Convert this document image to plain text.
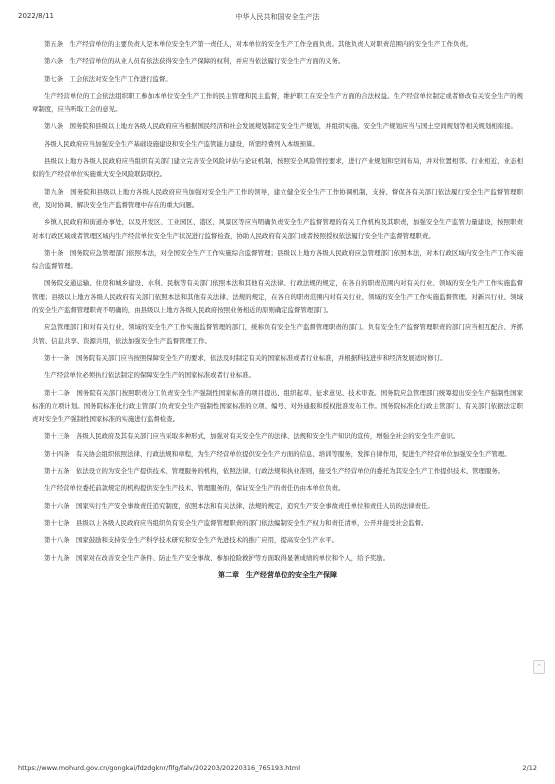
2022/8/11	中华人民共和国安全生产法

第五条　生产经营单位的主要负责人是本单位安全生产第一责任人，对本单位的安全生产工作全面负责。其他负责人对职责范围内的安全生产工作负责。

第六条　生产经营单位的从业人员有依法获得安全生产保障的权利，并应当依法履行安全生产方面的义务。

第七条　工会依法对安全生产工作进行监督。

生产经营单位的工会依法组织职工参加本单位安全生产工作的民主管理和民主监督，维护职工在安全生产方面的合法权益。生产经营单位制定或者修改有关安全生产的规章制度，应当听取工会的意见。

第八条　国务院和县级以上地方各级人民政府应当根据国民经济和社会发展规划制定安全生产规划，并组织实施。安全生产规划应当与国土空间规划等相关规划相衔接。

各级人民政府应当加强安全生产基础设施建设和安全生产监管能力建设，所需经费列入本级预算。

县级以上地方各级人民政府应当组织有关部门建立完善安全风险评估与论证机制，按照安全风险管控要求，进行产业规划和空间布局，并对位置相邻、行业相近、业态相似的生产经营单位实施重大安全风险联防联控。

第九条　国务院和县级以上地方各级人民政府应当加强对安全生产工作的领导，建立健全安全生产工作协调机制，支持、督促各有关部门依法履行安全生产监督管理职责，及时协调、解决安全生产监督管理中存在的重大问题。

乡镇人民政府和街道办事处，以及开发区、工业园区、港区、风景区等应当明确负责安全生产监督管理的有关工作机构及其职责，加强安全生产监管力量建设，按照职责对本行政区域或者管理区域内生产经营单位安全生产状况进行监督检查，协助人民政府有关部门或者按照授权依法履行安全生产监督管理职责。

第十条　国务院应急管理部门依照本法，对全国安全生产工作实施综合监督管理；县级以上地方各级人民政府应急管理部门依照本法，对本行政区域内安全生产工作实施综合监督管理。

国务院交通运输、住房和城乡建设、水利、民航等有关部门依照本法和其他有关法律、行政法规的规定，在各自的职责范围内对有关行业、领域的安全生产工作实施监督管理；县级以上地方各级人民政府有关部门依照本法和其他有关法律、法规的规定，在各自的职责范围内对有关行业、领域的安全生产工作实施监督管理。对新兴行业、领域的安全生产监督管理职责不明确的，由县级以上地方各级人民政府按照业务相近的原则确定监督管理部门。

应急管理部门和对有关行业、领域的安全生产工作实施监督管理的部门，统称负有安全生产监督管理职责的部门。负有安全生产监督管理职责的部门应当相互配合、齐抓共管、信息共享、资源共用，依法加强安全生产监督管理工作。

第十一条　国务院有关部门应当按照保障安全生产的要求，依法及时制定有关的国家标准或者行业标准，并根据科技进步和经济发展适时修订。

生产经营单位必须执行依法制定的保障安全生产的国家标准或者行业标准。

第十二条　国务院有关部门按照职责分工负责安全生产强制性国家标准的项目提出、组织起草、征求意见、技术审查。国务院应急管理部门统筹提出安全生产强制性国家标准的立项计划。国务院标准化行政主管部门负责安全生产强制性国家标准的立项、编号、对外通报和授权批准发布工作。国务院标准化行政主管部门、有关部门依据法定职责对安全生产强制性国家标准的实施进行监督检查。

第十三条　各级人民政府及其有关部门应当采取多种形式，加强对有关安全生产的法律、法规和安全生产知识的宣传，增强全社会的安全生产意识。

第十四条　有关协会组织依照法律、行政法规和章程，为生产经营单位提供安全生产方面的信息、培训等服务，发挥自律作用，促进生产经营单位加强安全生产管理。

第十五条　依法设立的为安全生产提供技术、管理服务的机构，依照法律、行政法规和执业准则，接受生产经营单位的委托为其安全生产工作提供技术、管理服务。

生产经营单位委托前款规定的机构提供安全生产技术、管理服务的，保证安全生产的责任仍由本单位负责。

第十六条　国家实行生产安全事故责任追究制度，依照本法和有关法律、法规的规定，追究生产安全事故责任单位和责任人员的法律责任。

第十七条　县级以上各级人民政府应当组织负有安全生产监督管理职责的部门依法编制安全生产权力和责任清单，公开并接受社会监督。

第十八条　国家鼓励和支持安全生产科学技术研究和安全生产先进技术的推广应用，提高安全生产水平。

第十九条　国家对在改善安全生产条件、防止生产安全事故、参加抢险救护等方面取得显著成绩的单位和个人，给予奖励。

第二章　生产经营单位的安全生产保障
⌃
https://www.mohurd.gov.cn/gongkai/fdzdgknr/flfg/falv/202203/20220316_765193.html	2/12
